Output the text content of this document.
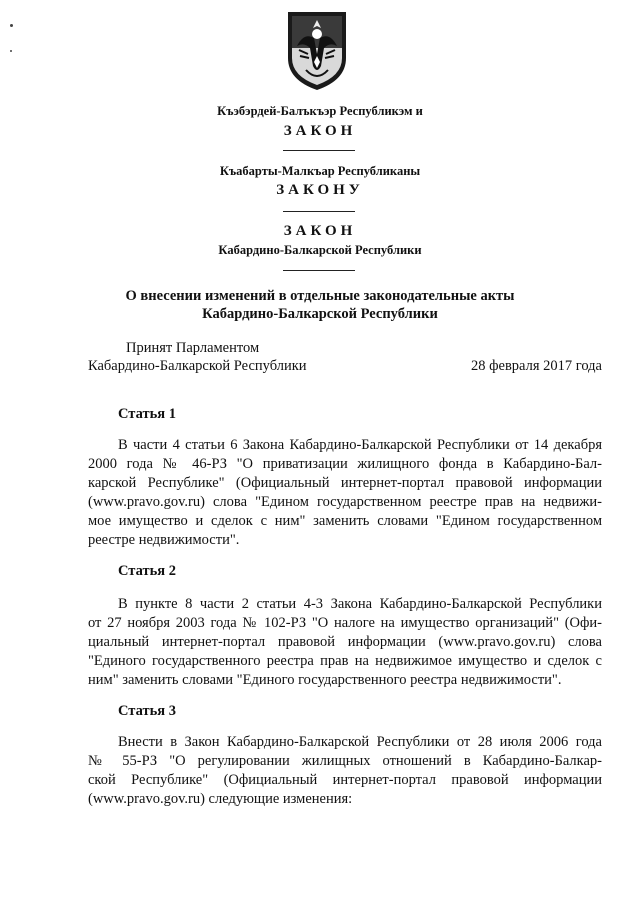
Къэбэрдей-Балъкъэр Республикэм и
ЗАКОН
Къабарты-Малкъар Республиканы
ЗАКОНУ
ЗАКОН
Кабардино-Балкарской Республики
О внесении изменений в отдельные законодательные акты
Кабардино-Балкарской Республики
Принят Парламентом
Кабардино-Балкарской Республики	28 февраля 2017 года
Статья 1
В части 4 статьи 6 Закона Кабардино-Балкарской Республики от 14 декабря
2000 года № 46-РЗ "О приватизации жилищного фонда в Кабардино-Бал-
карской Республике" (Официальный интернет-портал правовой информации
(www.pravo.gov.ru) слова "Едином государственном реестре прав на недвижи-
мое имущество и сделок с ним" заменить словами "Едином государственном
реестре недвижимости".
Статья 2
В пункте 8 части 2 статьи 4-3 Закона Кабардино-Балкарской Республики
от 27 ноября 2003 года № 102-РЗ "О налоге на имущество организаций" (Офи-
циальный интернет-портал правовой информации (www.pravo.gov.ru) слова
"Единого государственного реестра прав на недвижимое имущество и сделок с
ним" заменить словами "Единого государственного реестра недвижимости".
Статья 3
Внести в Закон Кабардино-Балкарской Республики от 28 июля 2006 года
№ 55-РЗ "О регулировании жилищных отношений в Кабардино-Балкар-
ской Республике" (Официальный интернет-портал правовой информации
(www.pravo.gov.ru) следующие изменения:
